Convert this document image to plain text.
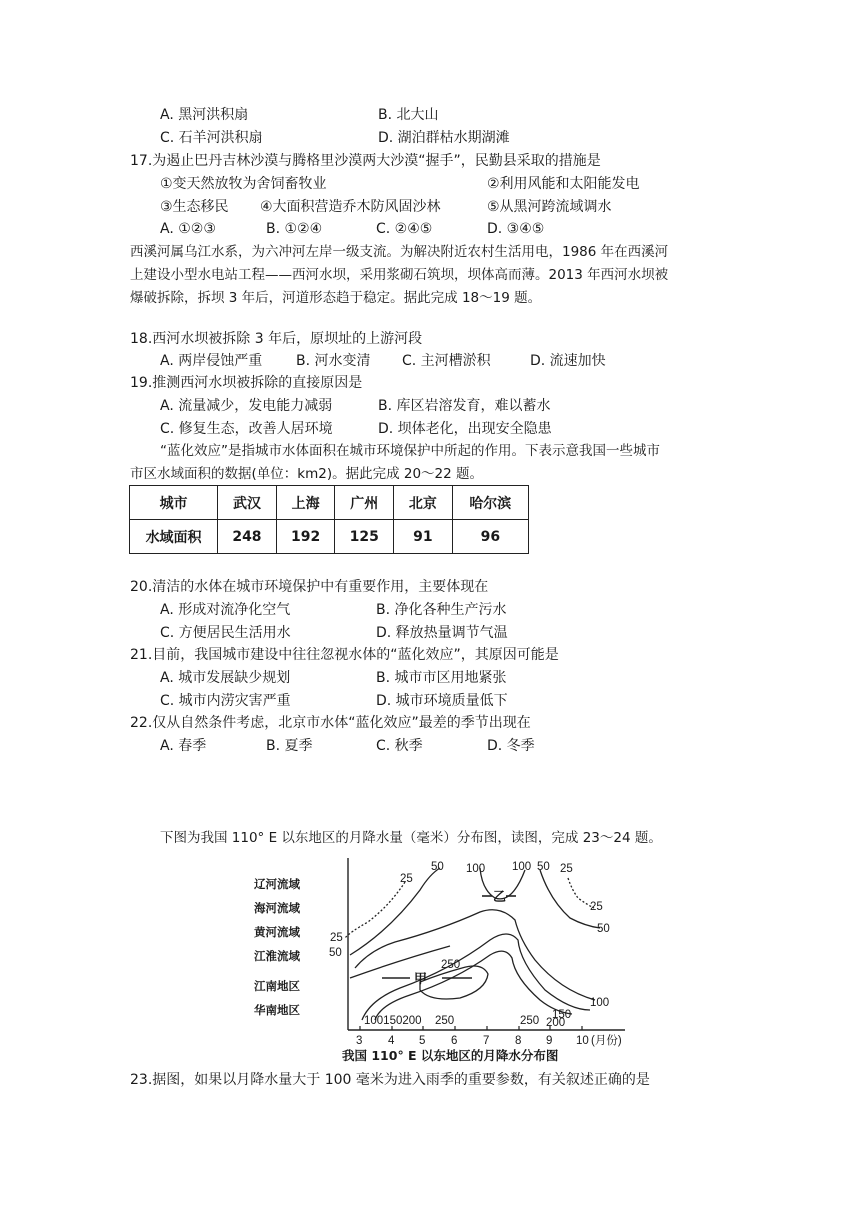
A. 黑河洪积扇	B. 北大山
C. 石羊河洪积扇	D. 湖泊群枯水期湖滩
17.为遏止巴丹吉林沙漠与腾格里沙漠两大沙漠“握手”，民勤县采取的措施是
①变天然放牧为舍饲畜牧业	②利用风能和太阳能发电
③生态移民 ④大面积营造乔木防风固沙林	⑤从黑河跨流域调水
A. ①②③	B. ①②④	C. ②④⑤	D. ③④⑤
西溪河属乌江水系，为六冲河左岸一级支流。为解决附近农村生活用电，1986 年在西溪河
上建设小型水电站工程——西河水坝，采用浆砌石筑坝，坝体高而薄。2013 年西河水坝被
爆破拆除，拆坝 3 年后，河道形态趋于稳定。据此完成 18～19 题。
18.西河水坝被拆除 3 年后，原坝址的上游河段
A. 两岸侵蚀严重 B. 河水变清 C. 主河槽淤积	D. 流速加快
19.推测西河水坝被拆除的直接原因是
A. 流量减少，发电能力减弱	B. 库区岩溶发育，难以蓄水
C. 修复生态，改善人居环境	D. 坝体老化，出现安全隐患
“蓝化效应”是指城市水体面积在城市环境保护中所起的作用。下表示意我国一些城市
市区水域面积的数据(单位：km2)。据此完成 20～22 题。
城市	武汉	上海	广州	北京	哈尔滨
水域面积	248	192	125	91	96
20.清洁的水体在城市环境保护中有重要作用，主要体现在
A. 形成对流净化空气	B. 净化各种生产污水
C. 方便居民生活用水	D. 释放热量调节气温
21.目前，我国城市建设中往往忽视水体的“蓝化效应”，其原因可能是
A. 城市发展缺少规划	B. 城市市区用地紧张
C. 城市内涝灾害严重	D. 城市环境质量低下
22.仅从自然条件考虑，北京市水体“蓝化效应”最差的季节出现在
A. 春季	B. 夏季	C. 秋季	D. 冬季
下图为我国 110° E 以东地区的月降水量（毫米）分布图，读图，完成 23～24 题。
辽河流域
海河流域
黄河流域
江淮流域
江南地区
华南地区
3 4 5 6 7 8 9 10 (月份)
50 100 100 50
25
25
25
50
25
50
250
150
100
100150200 250	250 200
甲
乙
我国 110° E 以东地区的月降水分布图
23.据图，如果以月降水量大于 100 毫米为进入雨季的重要参数，有关叙述正确的是
